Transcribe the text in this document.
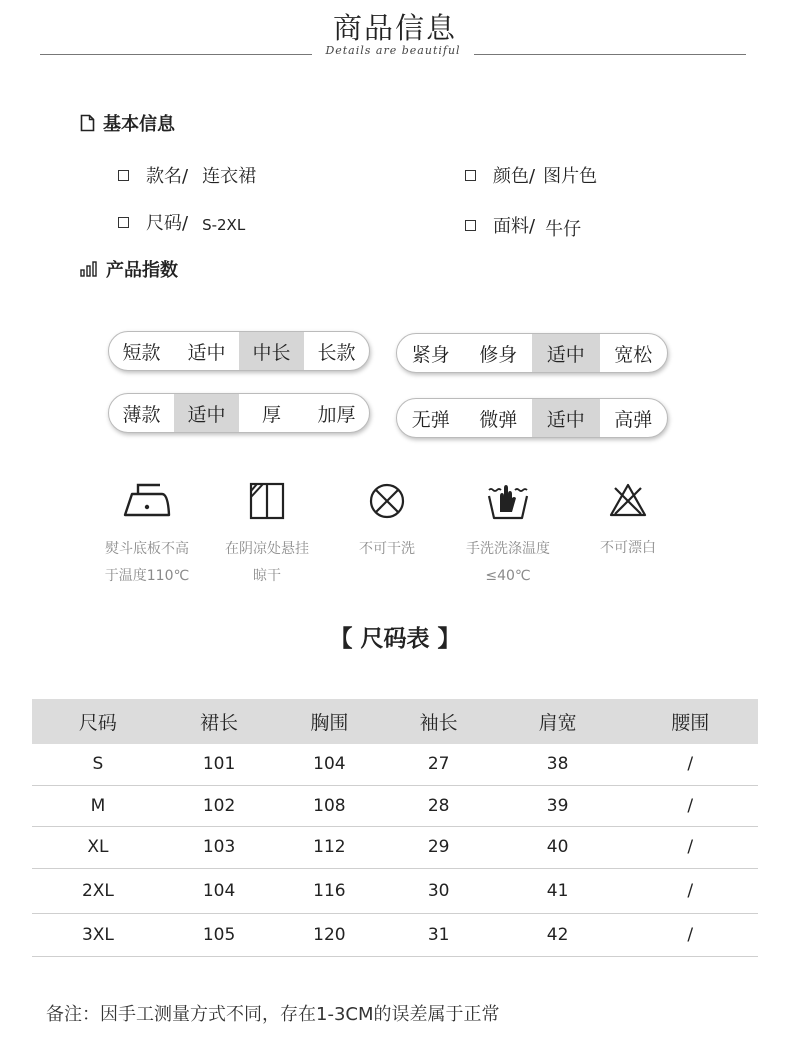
商品信息
Details are beautiful
基本信息
款名/ 连衣裙	颜色/ 图片色
尺码/ S-2XL	面料/ 牛仔
产品指数
短款	适中	中长	长款	紧身	修身	适中	宽松
薄款	适中	厚	加厚	无弹	微弹	适中	高弹
熨斗底板不高
于温度110℃
在阴凉处悬挂
晾干
不可干洗	手洗洗涤温度
≤40℃
不可漂白
【 尺码表 】
尺码	裙长	胸围	袖长	肩宽	腰围
S	101	104	27	38	/
M	102	108	28	39	/
XL	103	112	29	40	/
2XL	104	116	30	41	/
3XL	105	120	31	42	/
备注：因手工测量方式不同，存在1-3CM的误差属于正常
